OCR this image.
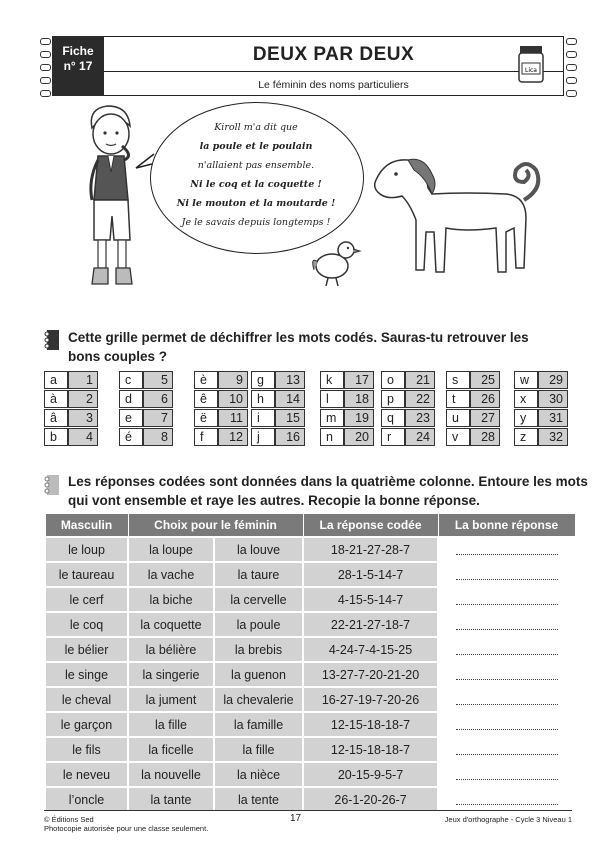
Fiche
n° 17
DEUX PAR DEUX
Le féminin des noms particuliers
Lica
Kiroll m'a dit que
la poule et le poulain
n'allaient pas ensemble.
Ni le coq et la coquette !
Ni le mouton et la moutarde !
Je le savais depuis longtemps !
Cette grille permet de déchiffrer les mots codés. Sauras-tu retrouver les
bons couples ?
a	1
à	2
â	3
b	4
c	5
d	6
e	7
é	8
è	9
ê	10
ë	11
f	12
g	13
h	14
i	15
j	16
k	17
l	18
m	19
n	20
o	21
p	22
q	23
r	24
s	25
t	26
u	27
v	28
w	29
x	30
y	31
z	32
Les réponses codées sont données dans la quatrième colonne. Entoure les mots
qui vont ensemble et raye les autres. Recopie la bonne réponse.
Masculin	Choix pour le féminin		La réponse codée	La bonne réponse
le loup	la loupe	la louve	18-21-27-28-7	
le taureau	la vache	la taure	28-1-5-14-7	
le cerf	la biche	la cervelle	4-15-5-14-7	
le coq	la coquette	la poule	22-21-27-18-7	
le bélier	la bélière	la brebis	4-24-7-4-15-25	
le singe	la singerie	la guenon	13-27-7-20-21-20	
le cheval	la jument	la chevalerie	16-27-19-7-20-26	
le garçon	la fille	la famille	12-15-18-18-7	
le fils	la ficelle	la fille	12-15-18-18-7	
le neveu	la nouvelle	la nièce	20-15-9-5-7	
l’oncle	la tante	la tente	26-1-20-26-7	
© Éditions Sed
Photocopie autorisée pour une classe seulement.
17	Jeux d'orthographe - Cycle 3 Niveau 1
